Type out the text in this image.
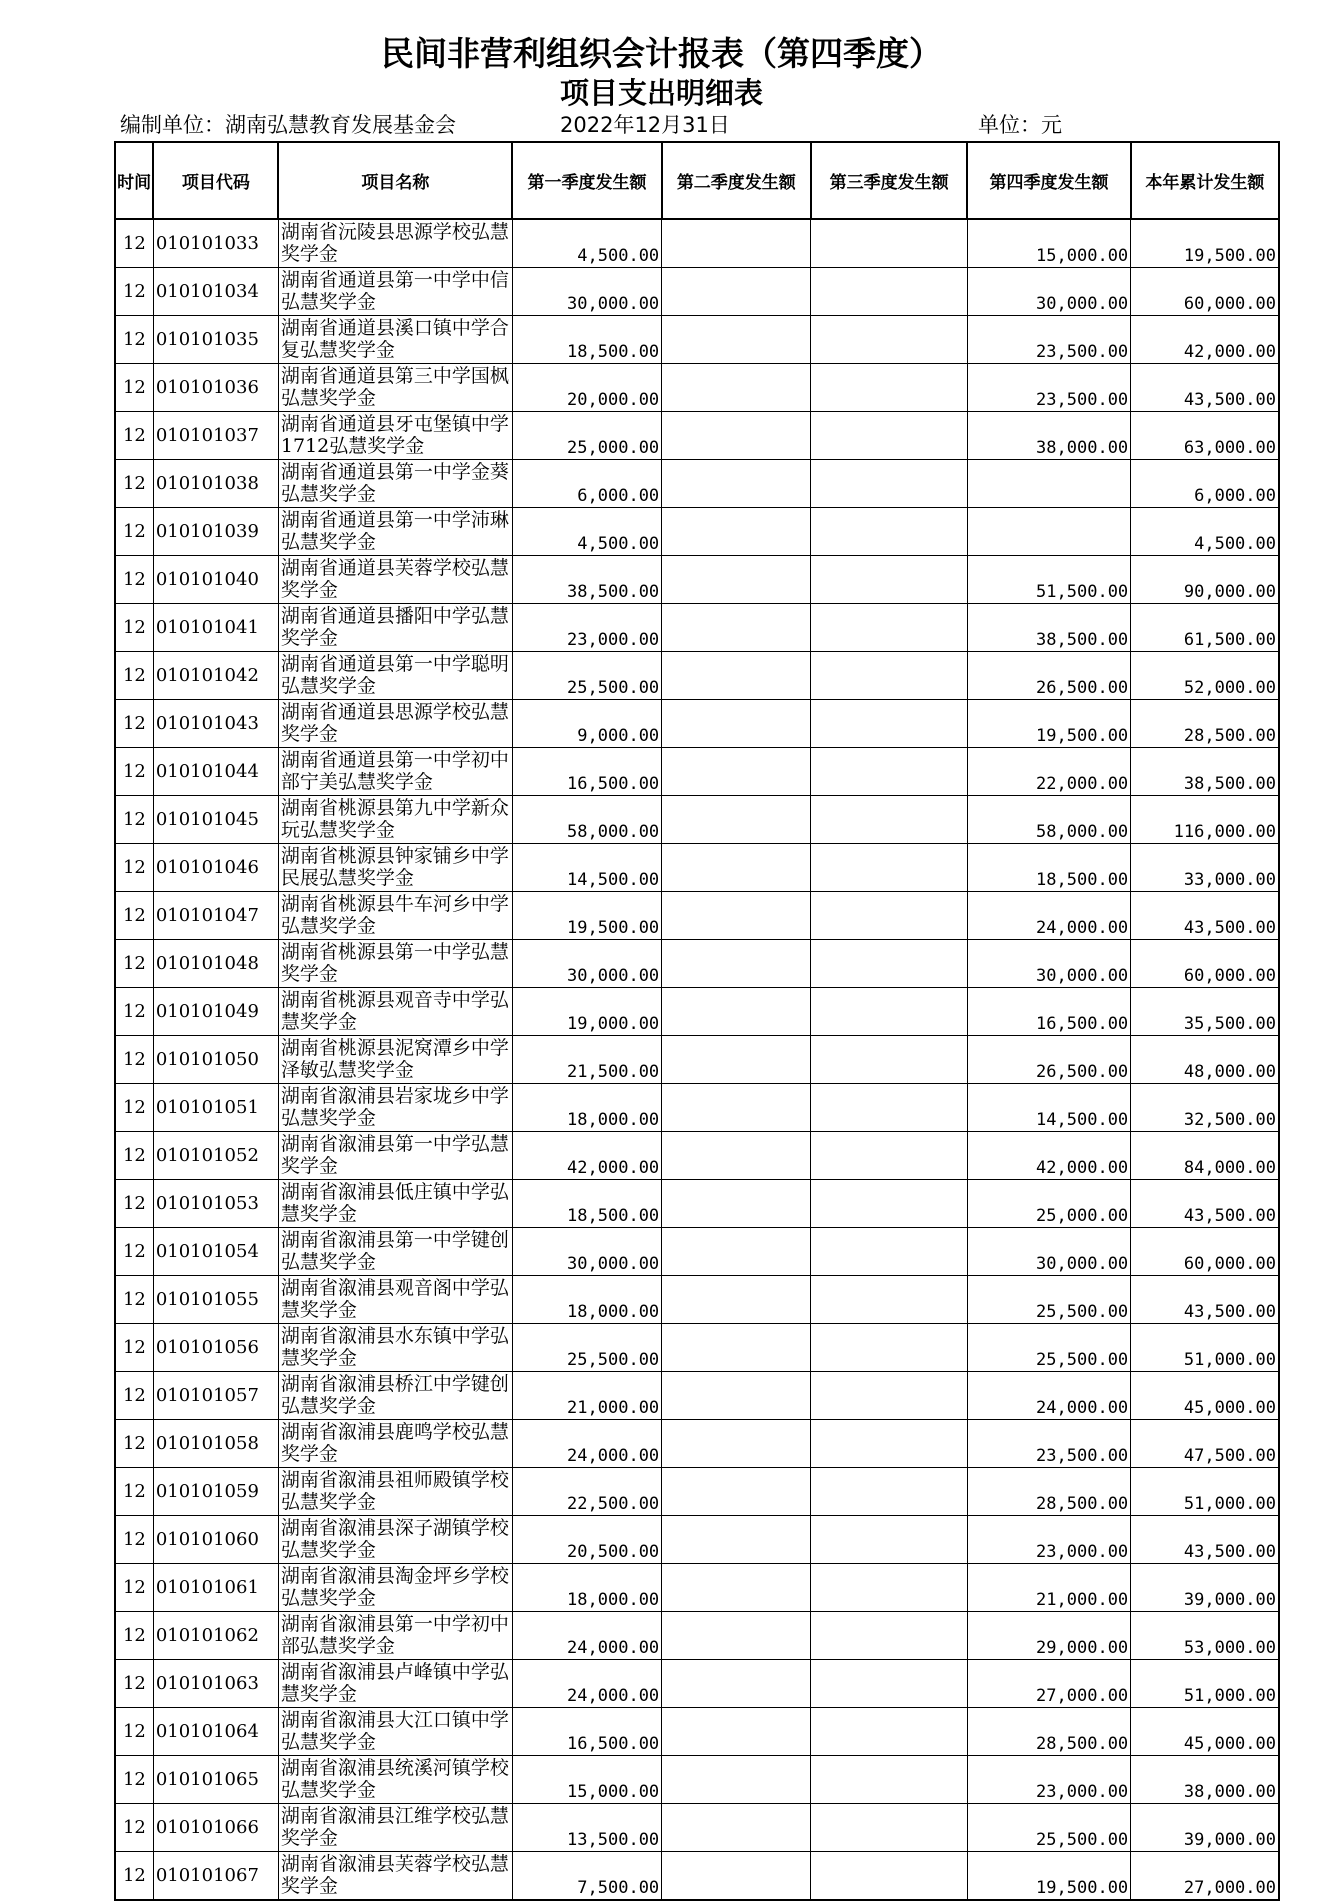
民间非营利组织会计报表（第四季度）
项目支出明细表
编制单位：湖南弘慧教育发展基金会	2022年12月31日	单位：元
时间	项目代码	项目名称	第一季度发生额	第二季度发生额	第三季度发生额	第四季度发生额	本年累计发生额
12	010101033	湖南省沅陵县思源学校弘慧奖学金	4,500.00			15,000.00	19,500.00
12	010101034	湖南省通道县第一中学中信弘慧奖学金	30,000.00			30,000.00	60,000.00
12	010101035	湖南省通道县溪口镇中学合复弘慧奖学金	18,500.00			23,500.00	42,000.00
12	010101036	湖南省通道县第三中学国枫弘慧奖学金	20,000.00			23,500.00	43,500.00
12	010101037	湖南省通道县牙屯堡镇中学1712弘慧奖学金	25,000.00			38,000.00	63,000.00
12	010101038	湖南省通道县第一中学金葵弘慧奖学金	6,000.00				6,000.00
12	010101039	湖南省通道县第一中学沛琳弘慧奖学金	4,500.00				4,500.00
12	010101040	湖南省通道县芙蓉学校弘慧奖学金	38,500.00			51,500.00	90,000.00
12	010101041	湖南省通道县播阳中学弘慧奖学金	23,000.00			38,500.00	61,500.00
12	010101042	湖南省通道县第一中学聪明弘慧奖学金	25,500.00			26,500.00	52,000.00
12	010101043	湖南省通道县思源学校弘慧奖学金	9,000.00			19,500.00	28,500.00
12	010101044	湖南省通道县第一中学初中部宁美弘慧奖学金	16,500.00			22,000.00	38,500.00
12	010101045	湖南省桃源县第九中学新众玩弘慧奖学金	58,000.00			58,000.00	116,000.00
12	010101046	湖南省桃源县钟家铺乡中学民展弘慧奖学金	14,500.00			18,500.00	33,000.00
12	010101047	湖南省桃源县牛车河乡中学弘慧奖学金	19,500.00			24,000.00	43,500.00
12	010101048	湖南省桃源县第一中学弘慧奖学金	30,000.00			30,000.00	60,000.00
12	010101049	湖南省桃源县观音寺中学弘慧奖学金	19,000.00			16,500.00	35,500.00
12	010101050	湖南省桃源县泥窝潭乡中学泽敏弘慧奖学金	21,500.00			26,500.00	48,000.00
12	010101051	湖南省溆浦县岩家垅乡中学弘慧奖学金	18,000.00			14,500.00	32,500.00
12	010101052	湖南省溆浦县第一中学弘慧奖学金	42,000.00			42,000.00	84,000.00
12	010101053	湖南省溆浦县低庄镇中学弘慧奖学金	18,500.00			25,000.00	43,500.00
12	010101054	湖南省溆浦县第一中学键创弘慧奖学金	30,000.00			30,000.00	60,000.00
12	010101055	湖南省溆浦县观音阁中学弘慧奖学金	18,000.00			25,500.00	43,500.00
12	010101056	湖南省溆浦县水东镇中学弘慧奖学金	25,500.00			25,500.00	51,000.00
12	010101057	湖南省溆浦县桥江中学键创弘慧奖学金	21,000.00			24,000.00	45,000.00
12	010101058	湖南省溆浦县鹿鸣学校弘慧奖学金	24,000.00			23,500.00	47,500.00
12	010101059	湖南省溆浦县祖师殿镇学校弘慧奖学金	22,500.00			28,500.00	51,000.00
12	010101060	湖南省溆浦县深子湖镇学校弘慧奖学金	20,500.00			23,000.00	43,500.00
12	010101061	湖南省溆浦县淘金坪乡学校弘慧奖学金	18,000.00			21,000.00	39,000.00
12	010101062	湖南省溆浦县第一中学初中部弘慧奖学金	24,000.00			29,000.00	53,000.00
12	010101063	湖南省溆浦县卢峰镇中学弘慧奖学金	24,000.00			27,000.00	51,000.00
12	010101064	湖南省溆浦县大江口镇中学弘慧奖学金	16,500.00			28,500.00	45,000.00
12	010101065	湖南省溆浦县统溪河镇学校弘慧奖学金	15,000.00			23,000.00	38,000.00
12	010101066	湖南省溆浦县江维学校弘慧奖学金	13,500.00			25,500.00	39,000.00
12	010101067	湖南省溆浦县芙蓉学校弘慧奖学金	7,500.00			19,500.00	27,000.00
